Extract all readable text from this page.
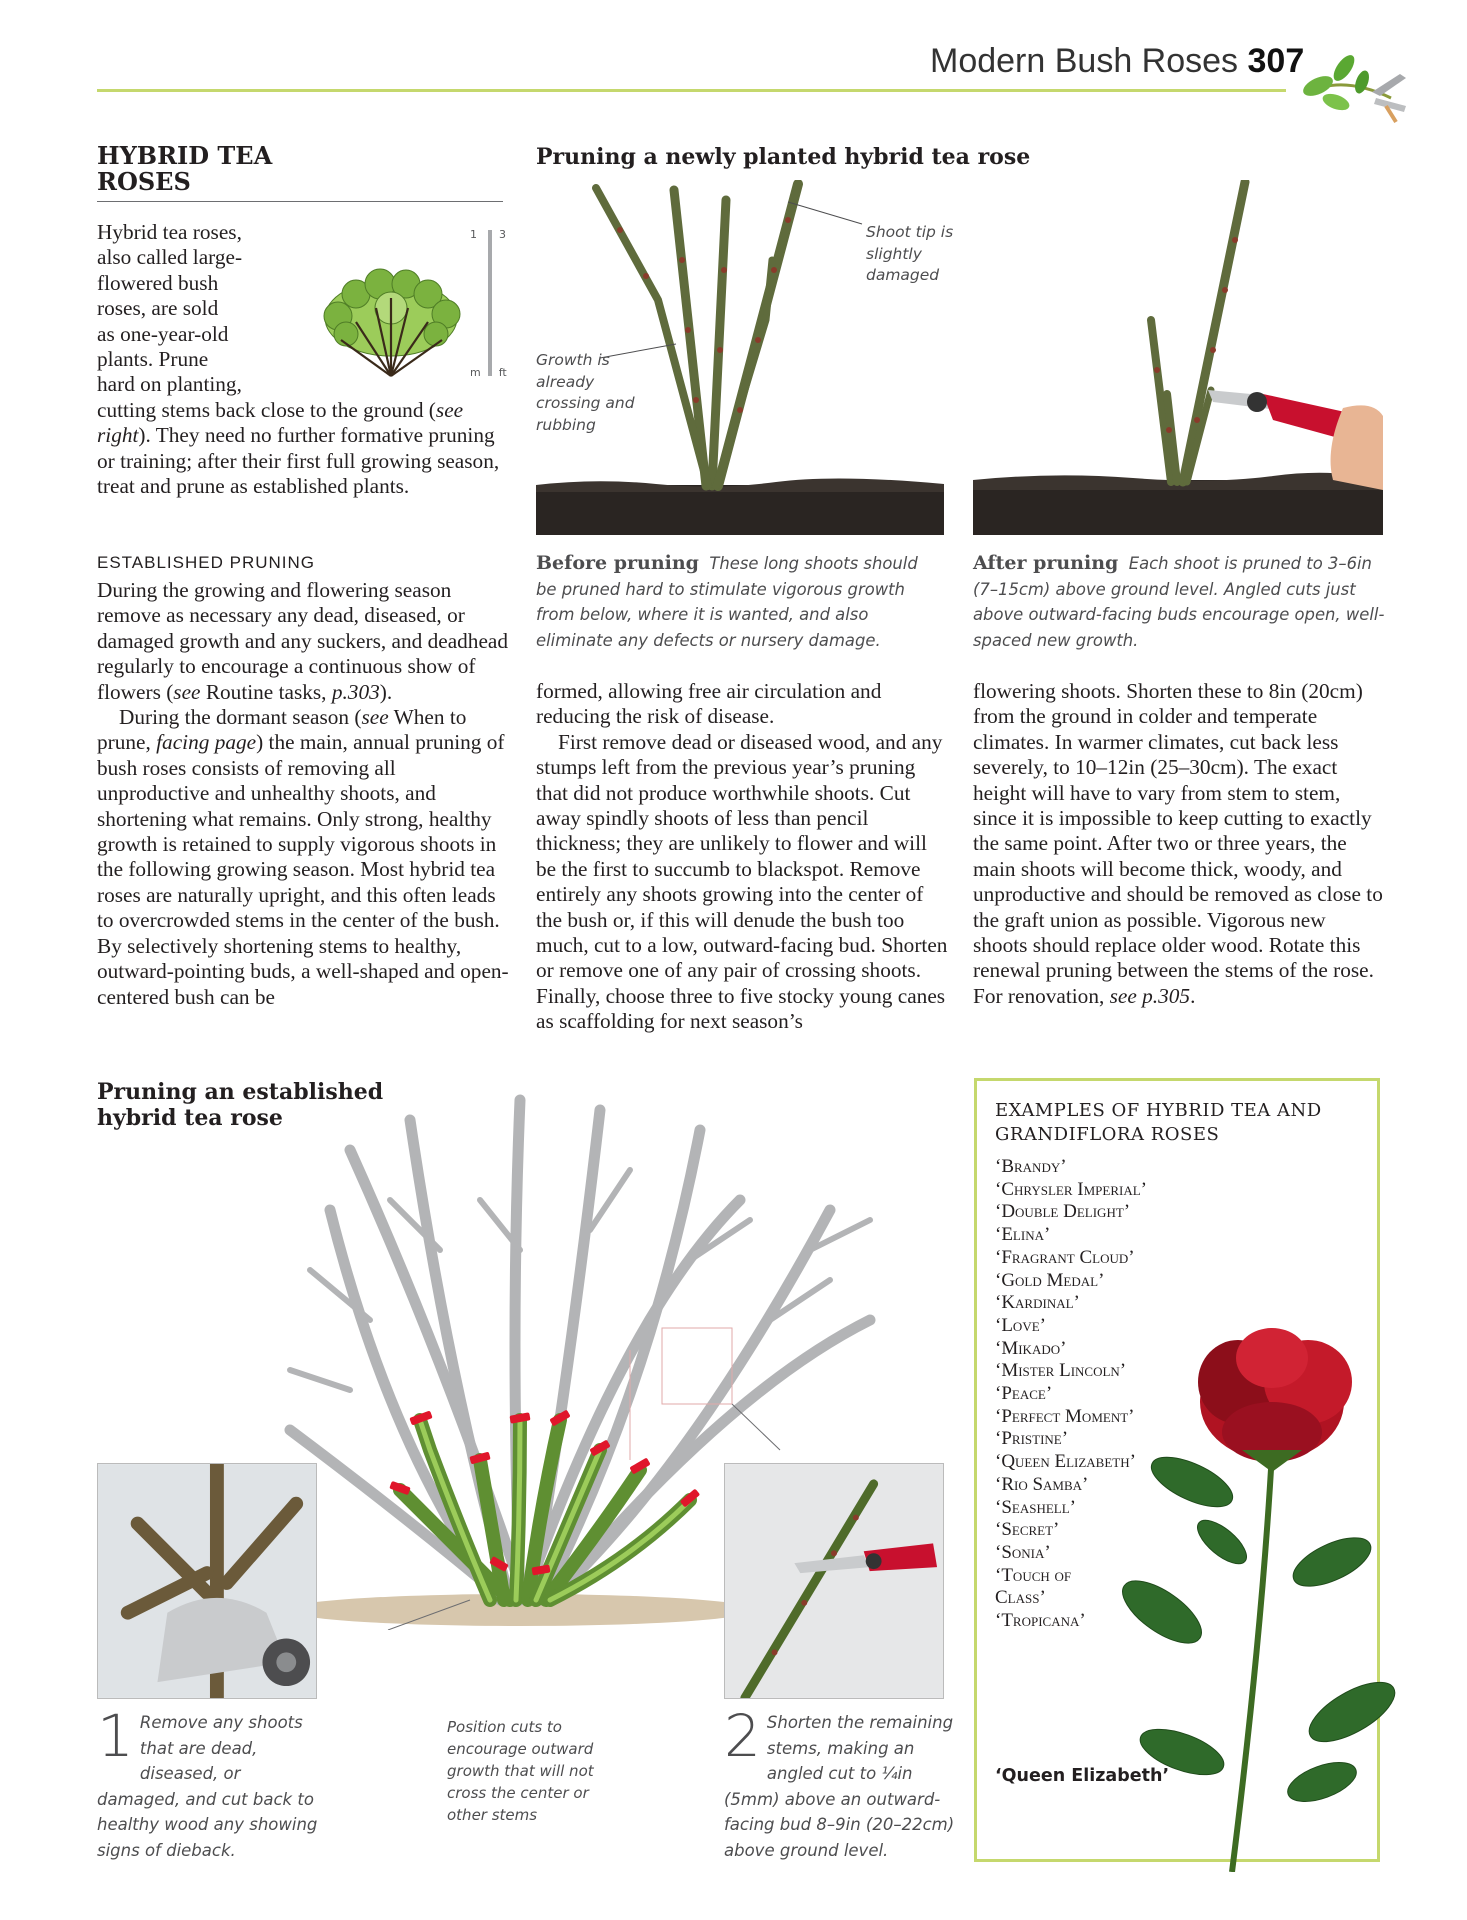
Modern Bush Roses 307
HYBRID TEA
ROSES
Hybrid tea roses,
also called large-
flowered bush
roses, are sold
as one-year-old
plants. Prune
hard on planting,
cutting stems back close to the ground (see right). They need no further formative pruning or training; after their first full growing season, treat and prune as established plants.
1 3
m ft
ESTABLISHED PRUNING

During the growing and flowering season remove as necessary any dead, diseased, or damaged growth and any suckers, and deadhead regularly to encourage a continuous show of flowers (see Routine tasks, p.303).

During the dormant season (see When to prune, facing page) the main, annual pruning of bush roses consists of removing all unproductive and unhealthy shoots, and shortening what remains. Only strong, healthy growth is retained to supply vigorous shoots in the following growing season. Most hybrid tea roses are naturally upright, and this often leads to overcrowded stems in the center of the bush. By selectively shortening stems to healthy, outward-pointing buds, a well-shaped and open-centered bush can be

formed, allowing free air circulation and reducing the risk of disease.

First remove dead or diseased wood, and any stumps left from the previous year’s pruning that did not produce worthwhile shoots. Cut away spindly shoots of less than pencil thickness; they are unlikely to flower and will be the first to succumb to blackspot. Remove entirely any shoots growing into the center of the bush or, if this will denude the bush too much, cut to a low, outward-facing bud. Shorten or remove one of any pair of crossing shoots. Finally, choose three to five stocky young canes as scaffolding for next season’s

flowering shoots. Shorten these to 8in (20cm) from the ground in colder and temperate climates. In warmer climates, cut back less severely, to 10–12in (25–30cm). The exact height will have to vary from stem to stem, since it is impossible to keep cutting to exactly the same point. After two or three years, the main shoots will become thick, woody, and unproductive and should be removed as close to the graft union as possible. Vigorous new shoots should replace older wood. Rotate this renewal pruning between the stems of the rose. For renovation, see p.305.

Pruning a newly planted hybrid tea rose
Shoot tip is slightly damaged
Growth is already crossing and rubbing
Before pruning These long shoots should be pruned hard to stimulate vigorous growth from below, where it is wanted, and also eliminate any defects or nursery damage.
After pruning Each shoot is pruned to 3–6in (7–15cm) above ground level. Angled cuts just above outward-facing buds encourage open, well-spaced new growth.
Pruning an established
hybrid tea rose
1 Remove any shoots that are dead, diseased, or damaged, and cut back to healthy wood any showing signs of dieback.
Position cuts to encourage outward growth that will not cross the center or other stems
2 Shorten the remaining stems, making an angled cut to ¼in (5mm) above an outward-facing bud 8–9in (20–22cm) above ground level.
EXAMPLES OF HYBRID TEA AND GRANDIFLORA ROSES
‘Brandy’
‘Chrysler Imperial’
‘Double Delight’
‘Elina’
‘Fragrant Cloud’
‘Gold Medal’
‘Kardinal’
‘Love’
‘Mikado’
‘Mister Lincoln’
‘Peace’
‘Perfect Moment’
‘Pristine’
‘Queen Elizabeth’
‘Rio Samba’
‘Seashell’
‘Secret’
‘Sonia’
‘Touch of
Class’
‘Tropicana’
‘Queen Elizabeth’
